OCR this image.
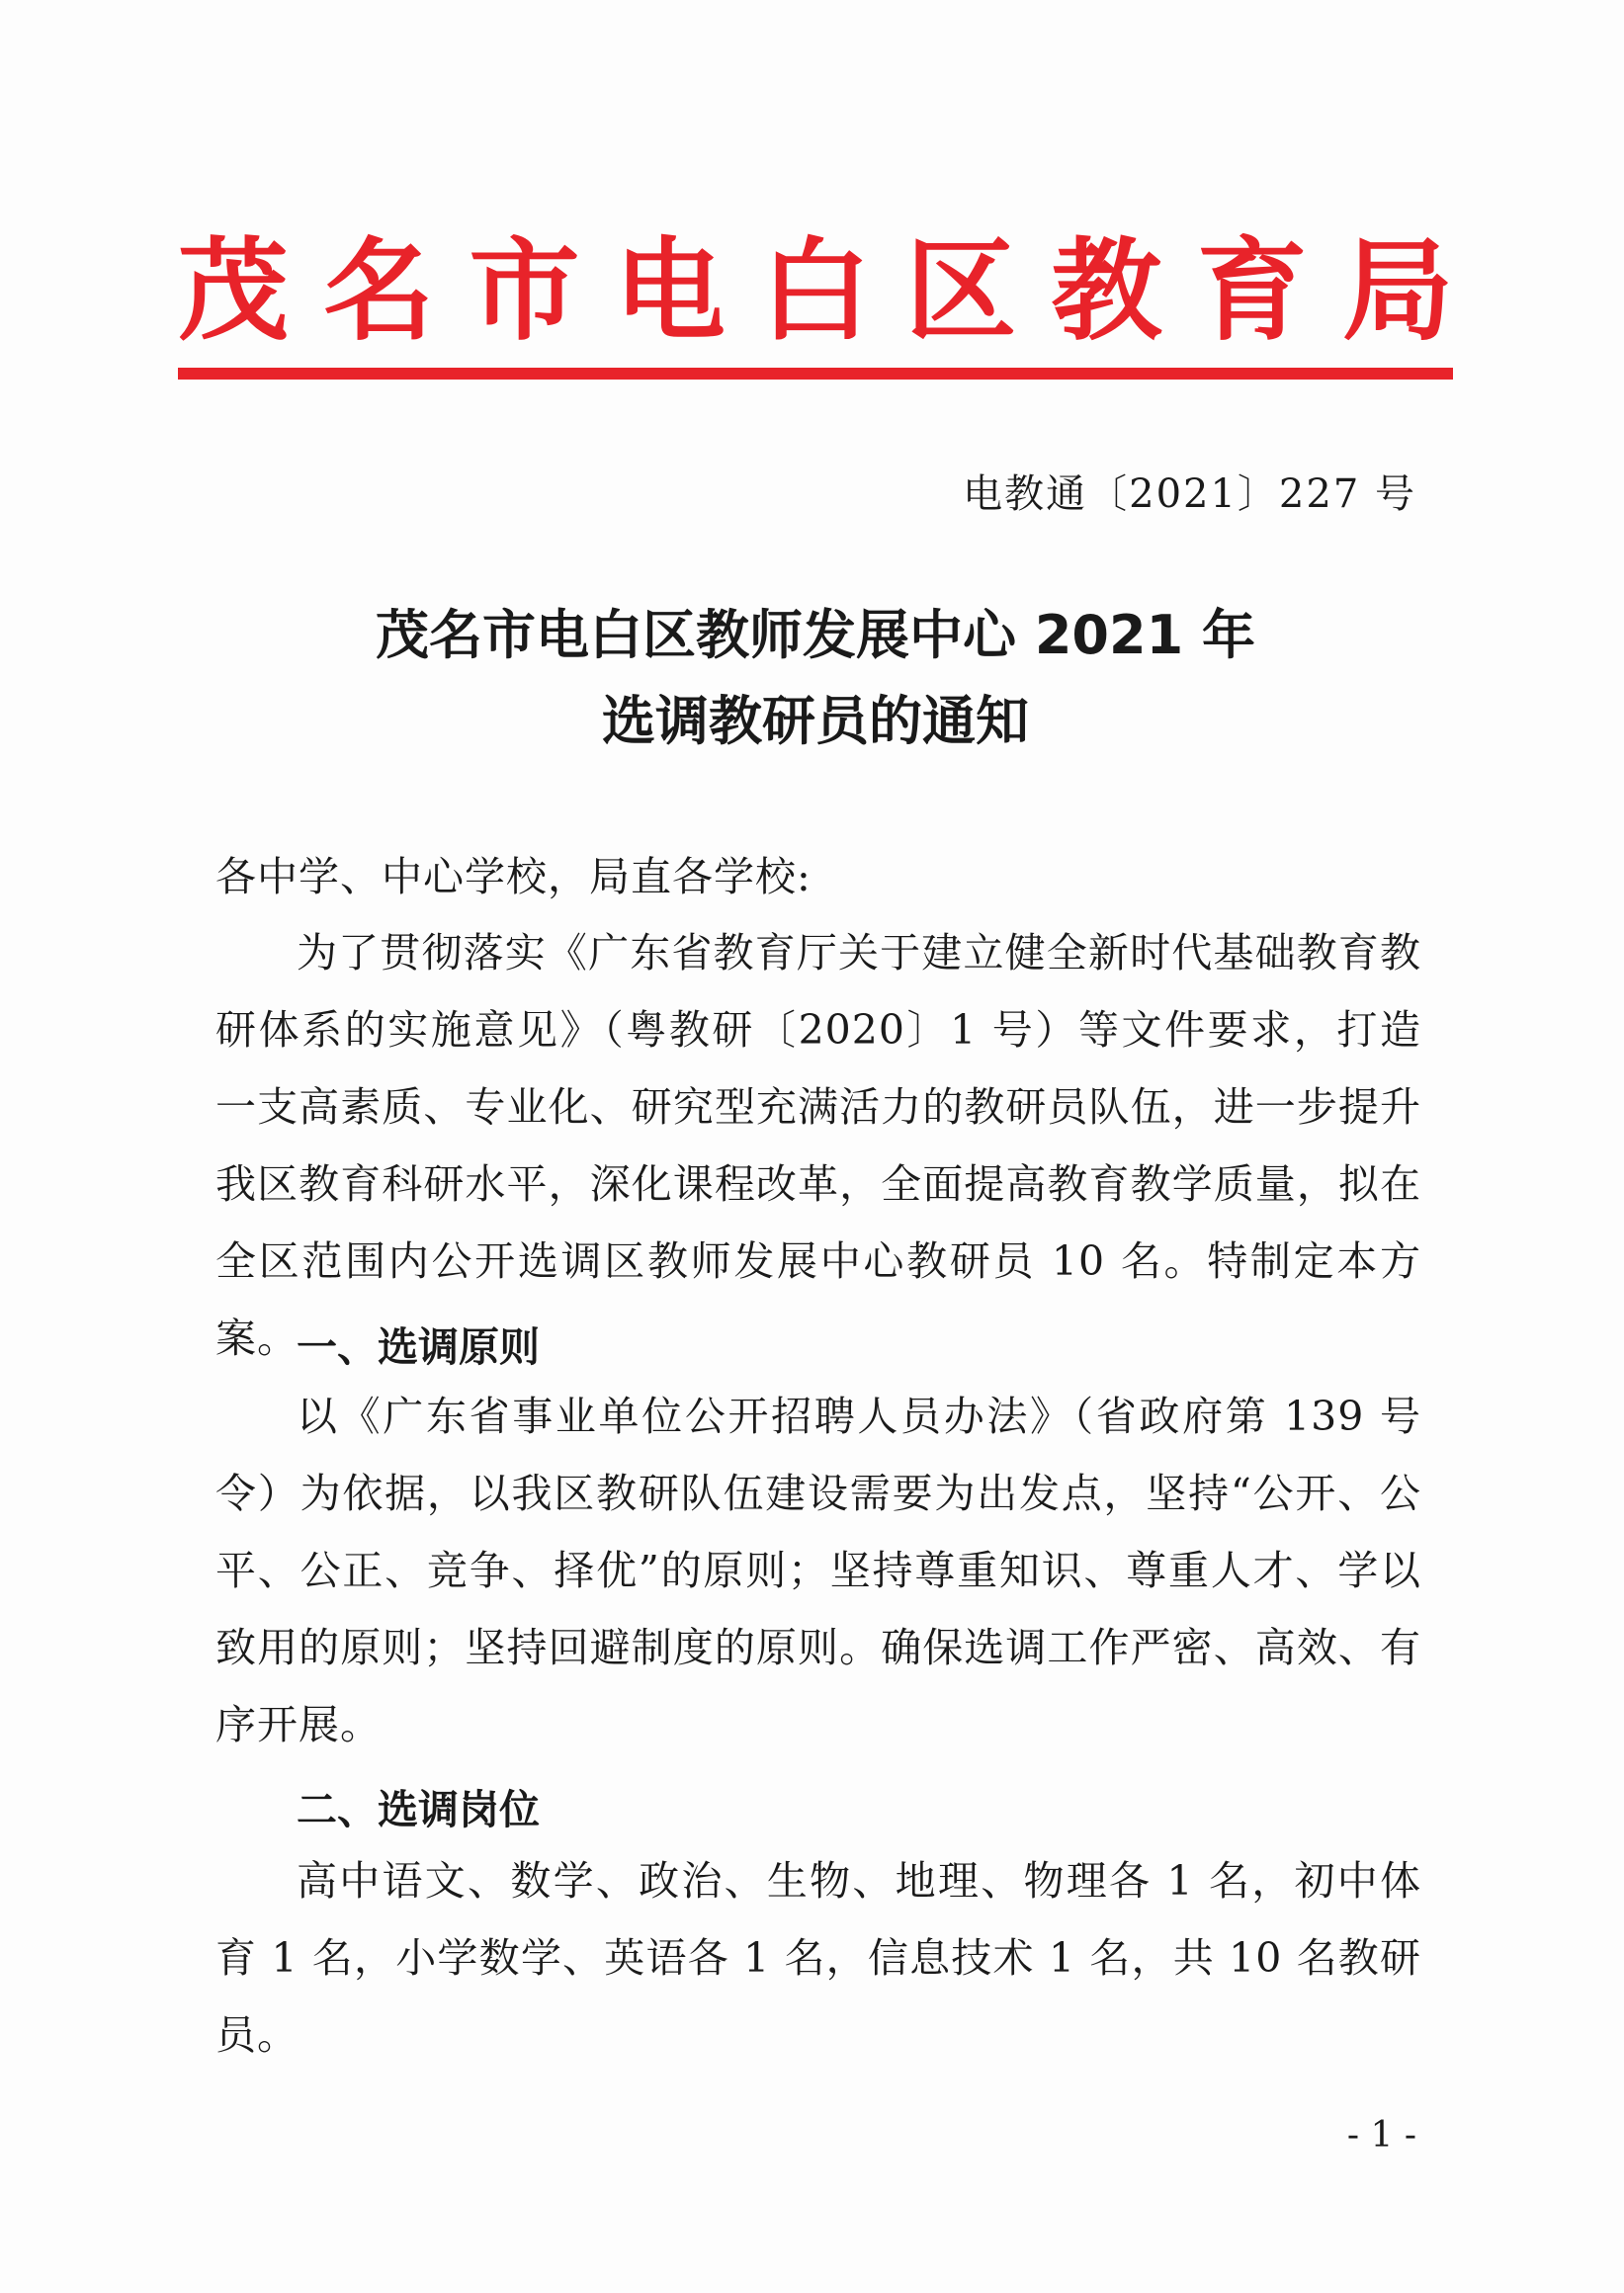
茂 名 市 电 白 区 教 育 局
电教通〔2021〕227 号
茂名市电白区教师发展中心 2021 年
选调教研员的通知
各中学、中心学校，局直各学校:
为了贯彻落实《广东省教育厅关于建立健全新时代基础教育教研体系的实施意见》（粤教研〔2020〕1 号）等文件要求，打造一支高素质、专业化、研究型充满活力的教研员队伍，进一步提升我区教育科研水平，深化课程改革，全面提高教育教学质量，拟在全区范围内公开选调区教师发展中心教研员 10 名。特制定本方案。
一、选调原则
以《广东省事业单位公开招聘人员办法》（省政府第 139 号令）为依据，以我区教研队伍建设需要为出发点，坚持“公开、公平、公正、竞争、择优”的原则；坚持尊重知识、尊重人才、学以致用的原则；坚持回避制度的原则。确保选调工作严密、高效、有序开展。
二、选调岗位
高中语文、数学、政治、生物、地理、物理各 1 名，初中体育 1 名，小学数学、英语各 1 名，信息技术 1 名，共 10 名教研员。
- 1 -
